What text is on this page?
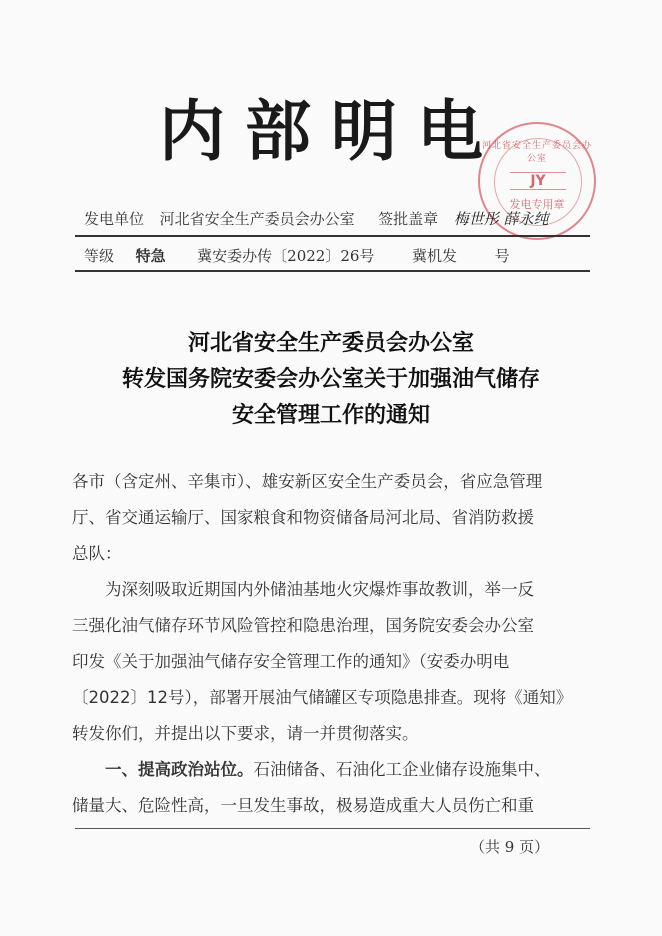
内部明电
河北省安全生产委员会办公室
JY
发电专用章
发电单位 河北省安全生产委员会办公室 签批盖章 梅世彤 薛永纯
等级 特急 冀安委办传〔2022〕26号	冀机发	号
河北省安全生产委员会办公室
转发国务院安委会办公室关于加强油气储存
安全管理工作的通知
各市（含定州、辛集市）、雄安新区安全生产委员会，省应急管理
厅、省交通运输厅、国家粮食和物资储备局河北局、省消防救援
总队：
　　为深刻吸取近期国内外储油基地火灾爆炸事故教训，举一反
三强化油气储存环节风险管控和隐患治理，国务院安委会办公室
印发《关于加强油气储存安全管理工作的通知》（安委办明电
〔2022〕12号），部署开展油气储罐区专项隐患排查。现将《通知》
转发你们，并提出以下要求，请一并贯彻落实。
　　一、提高政治站位。石油储备、石油化工企业储存设施集中、
储量大、危险性高，一旦发生事故，极易造成重大人员伤亡和重
（共 9 页）
